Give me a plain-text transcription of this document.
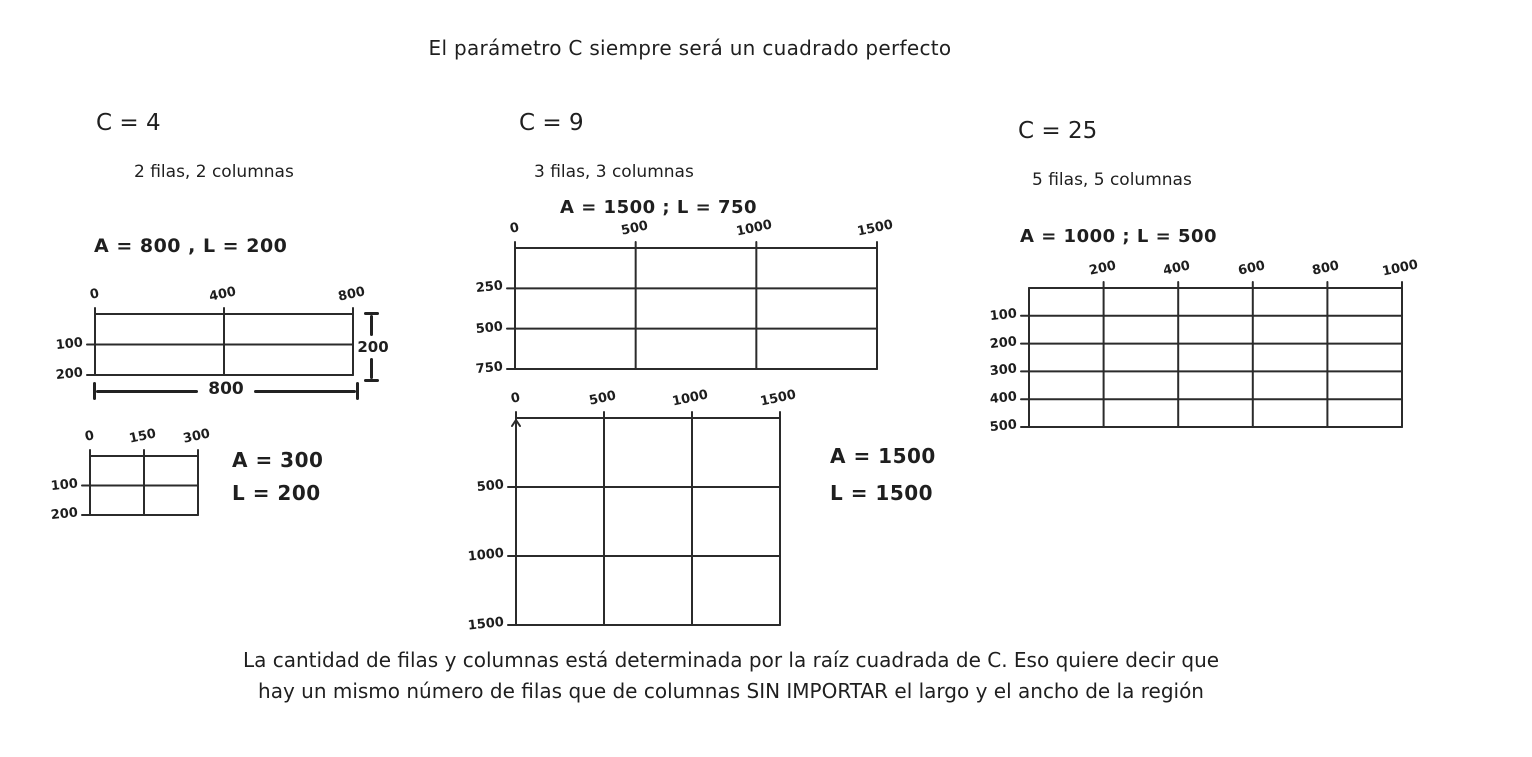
El parámetro C siempre será un cuadrado perfecto
C = 4
2 filas, 2 columnas
A = 800 , L = 200
0	400	800
100
200
800
200
0 150 300
100
200
A = 300
L = 200
C = 9
3 filas, 3 columnas
A = 1500 ; L = 750
0	500	1000	1500
250
500
750
0	500	1000	1500
500
1000
1500
A = 1500
L = 1500
C = 25
5 filas, 5 columnas
A = 1000 ; L = 500
200	400	600	800	1000
100
200
300
400
500
La cantidad de filas y columnas está determinada por la raíz cuadrada de C. Eso quiere decir que
hay un mismo número de filas que de columnas SIN IMPORTAR el largo y el ancho de la región
